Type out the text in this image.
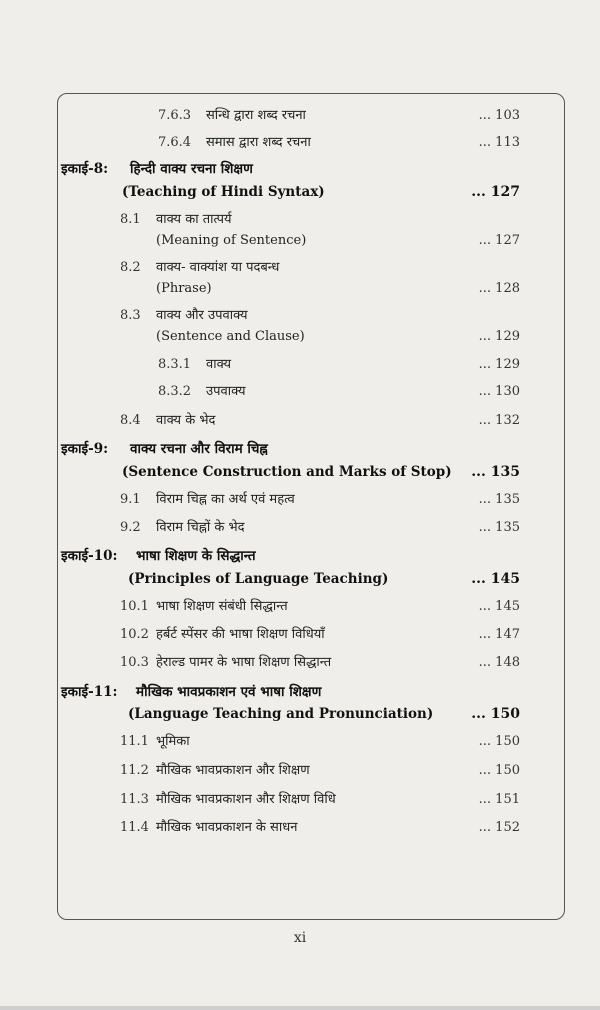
7.6.3 सन्धि द्वारा शब्द रचना	... 103
7.6.4 समास द्वारा शब्द रचना	... 113
इकाई-8: हिन्दी वाक्य रचना शिक्षण
(Teaching of Hindi Syntax)	... 127
8.1 वाक्य का तात्पर्य
(Meaning of Sentence)	... 127
8.2 वाक्य- वाक्यांश या पदबन्ध
(Phrase)	... 128
8.3 वाक्य और उपवाक्य
(Sentence and Clause)	... 129
8.3.1 वाक्य	... 129
8.3.2 उपवाक्य	... 130
8.4 वाक्य के भेद	... 132
इकाई-9: वाक्य रचना और विराम चिह्न
(Sentence Construction and Marks of Stop) ... 135
9.1 विराम चिह्न का अर्थ एवं महत्व	... 135
9.2 विराम चिह्नों के भेद	... 135
इकाई-10: भाषा शिक्षण के सिद्धान्त
(Principles of Language Teaching)	... 145
10.1 भाषा शिक्षण संबंधी सिद्धान्त	... 145
10.2 हर्बर्ट स्पेंसर की भाषा शिक्षण विधियाँ	... 147
10.3 हेराल्ड पामर के भाषा शिक्षण सिद्धान्त	... 148
इकाई-11: मौखिक भावप्रकाशन एवं भाषा शिक्षण
(Language Teaching and Pronunciation)	... 150
11.1 भूमिका	... 150
11.2 मौखिक भावप्रकाशन और शिक्षण	... 150
11.3 मौखिक भावप्रकाशन और शिक्षण विधि	... 151
11.4 मौखिक भावप्रकाशन के साधन	... 152
xi
